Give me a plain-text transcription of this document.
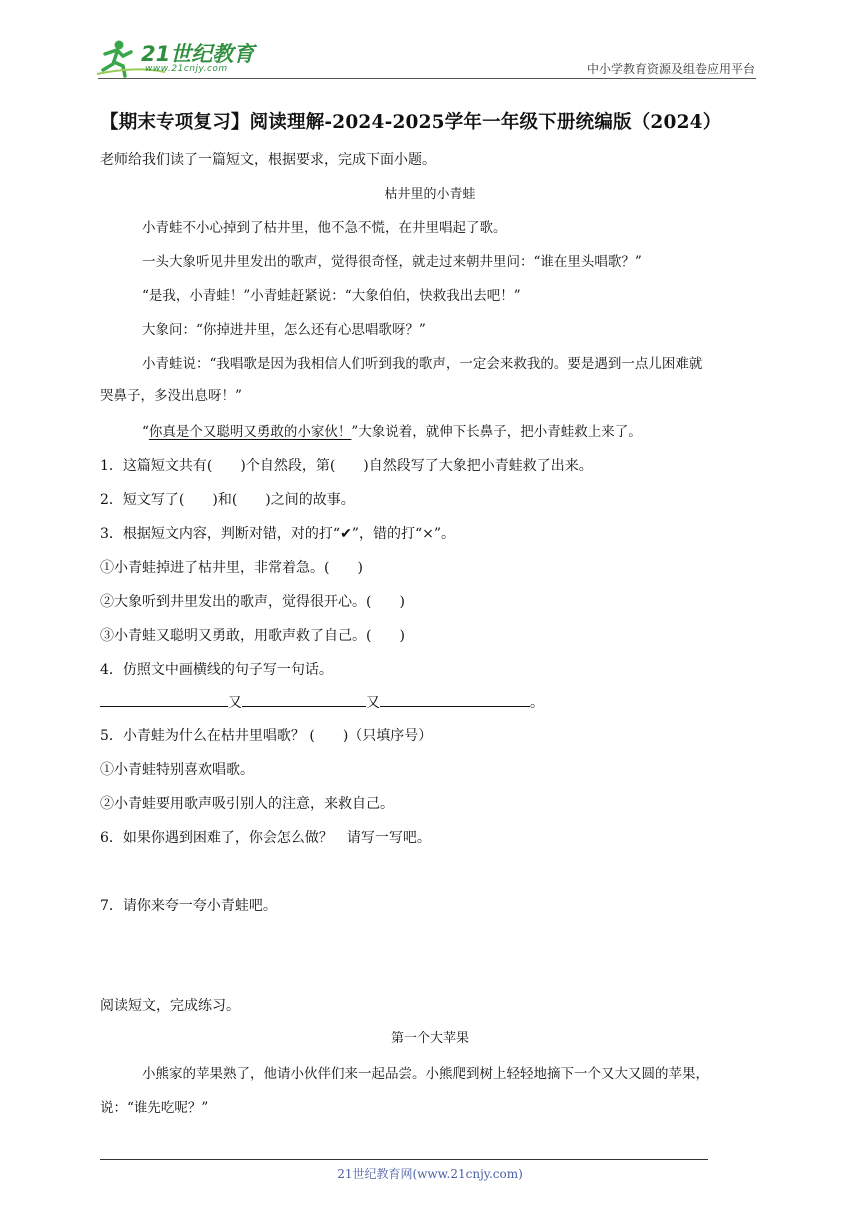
21世纪教育
www.21cnjy.com	中小学教育资源及组卷应用平台
【期末专项复习】阅读理解-2024-2025学年一年级下册统编版（2024）
老师给我们读了一篇短文，根据要求，完成下面小题。
枯井里的小青蛙
小青蛙不小心掉到了枯井里，他不急不慌，在井里唱起了歌。
一头大象听见井里发出的歌声，觉得很奇怪，就走过来朝井里问：“谁在里头唱歌？”
“是我，小青蛙！”小青蛙赶紧说：“大象伯伯，快救我出去吧！”
大象问：“你掉进井里，怎么还有心思唱歌呀？”
小青蛙说：“我唱歌是因为我相信人们听到我的歌声，一定会来救我的。要是遇到一点儿困难就
哭鼻子，多没出息呀！”
“你真是个又聪明又勇敢的小家伙！”大象说着，就伸下长鼻子，把小青蛙救上来了。
1．这篇短文共有(　　)个自然段，第(　　)自然段写了大象把小青蛙救了出来。
2．短文写了(　　)和(　　)之间的故事。
3．根据短文内容，判断对错，对的打“✔”，错的打“×”。
①小青蛙掉进了枯井里，非常着急。(　　)
②大象听到井里发出的歌声，觉得很开心。(　　)
③小青蛙又聪明又勇敢，用歌声救了自己。(　　)
4．仿照文中画横线的句子写一句话。
又	又	。
5．小青蛙为什么在枯井里唱歌？ (　　)（只填序号）
①小青蛙特别喜欢唱歌。
②小青蛙要用歌声吸引别人的注意，来救自己。
6．如果你遇到困难了，你会怎么做？　请写一写吧。
7．请你来夸一夸小青蛙吧。
阅读短文，完成练习。
第一个大苹果
小熊家的苹果熟了，他请小伙伴们来一起品尝。小熊爬到树上轻轻地摘下一个又大又圆的苹果，
说：“谁先吃呢？”
21世纪教育网(www.21cnjy.com)
